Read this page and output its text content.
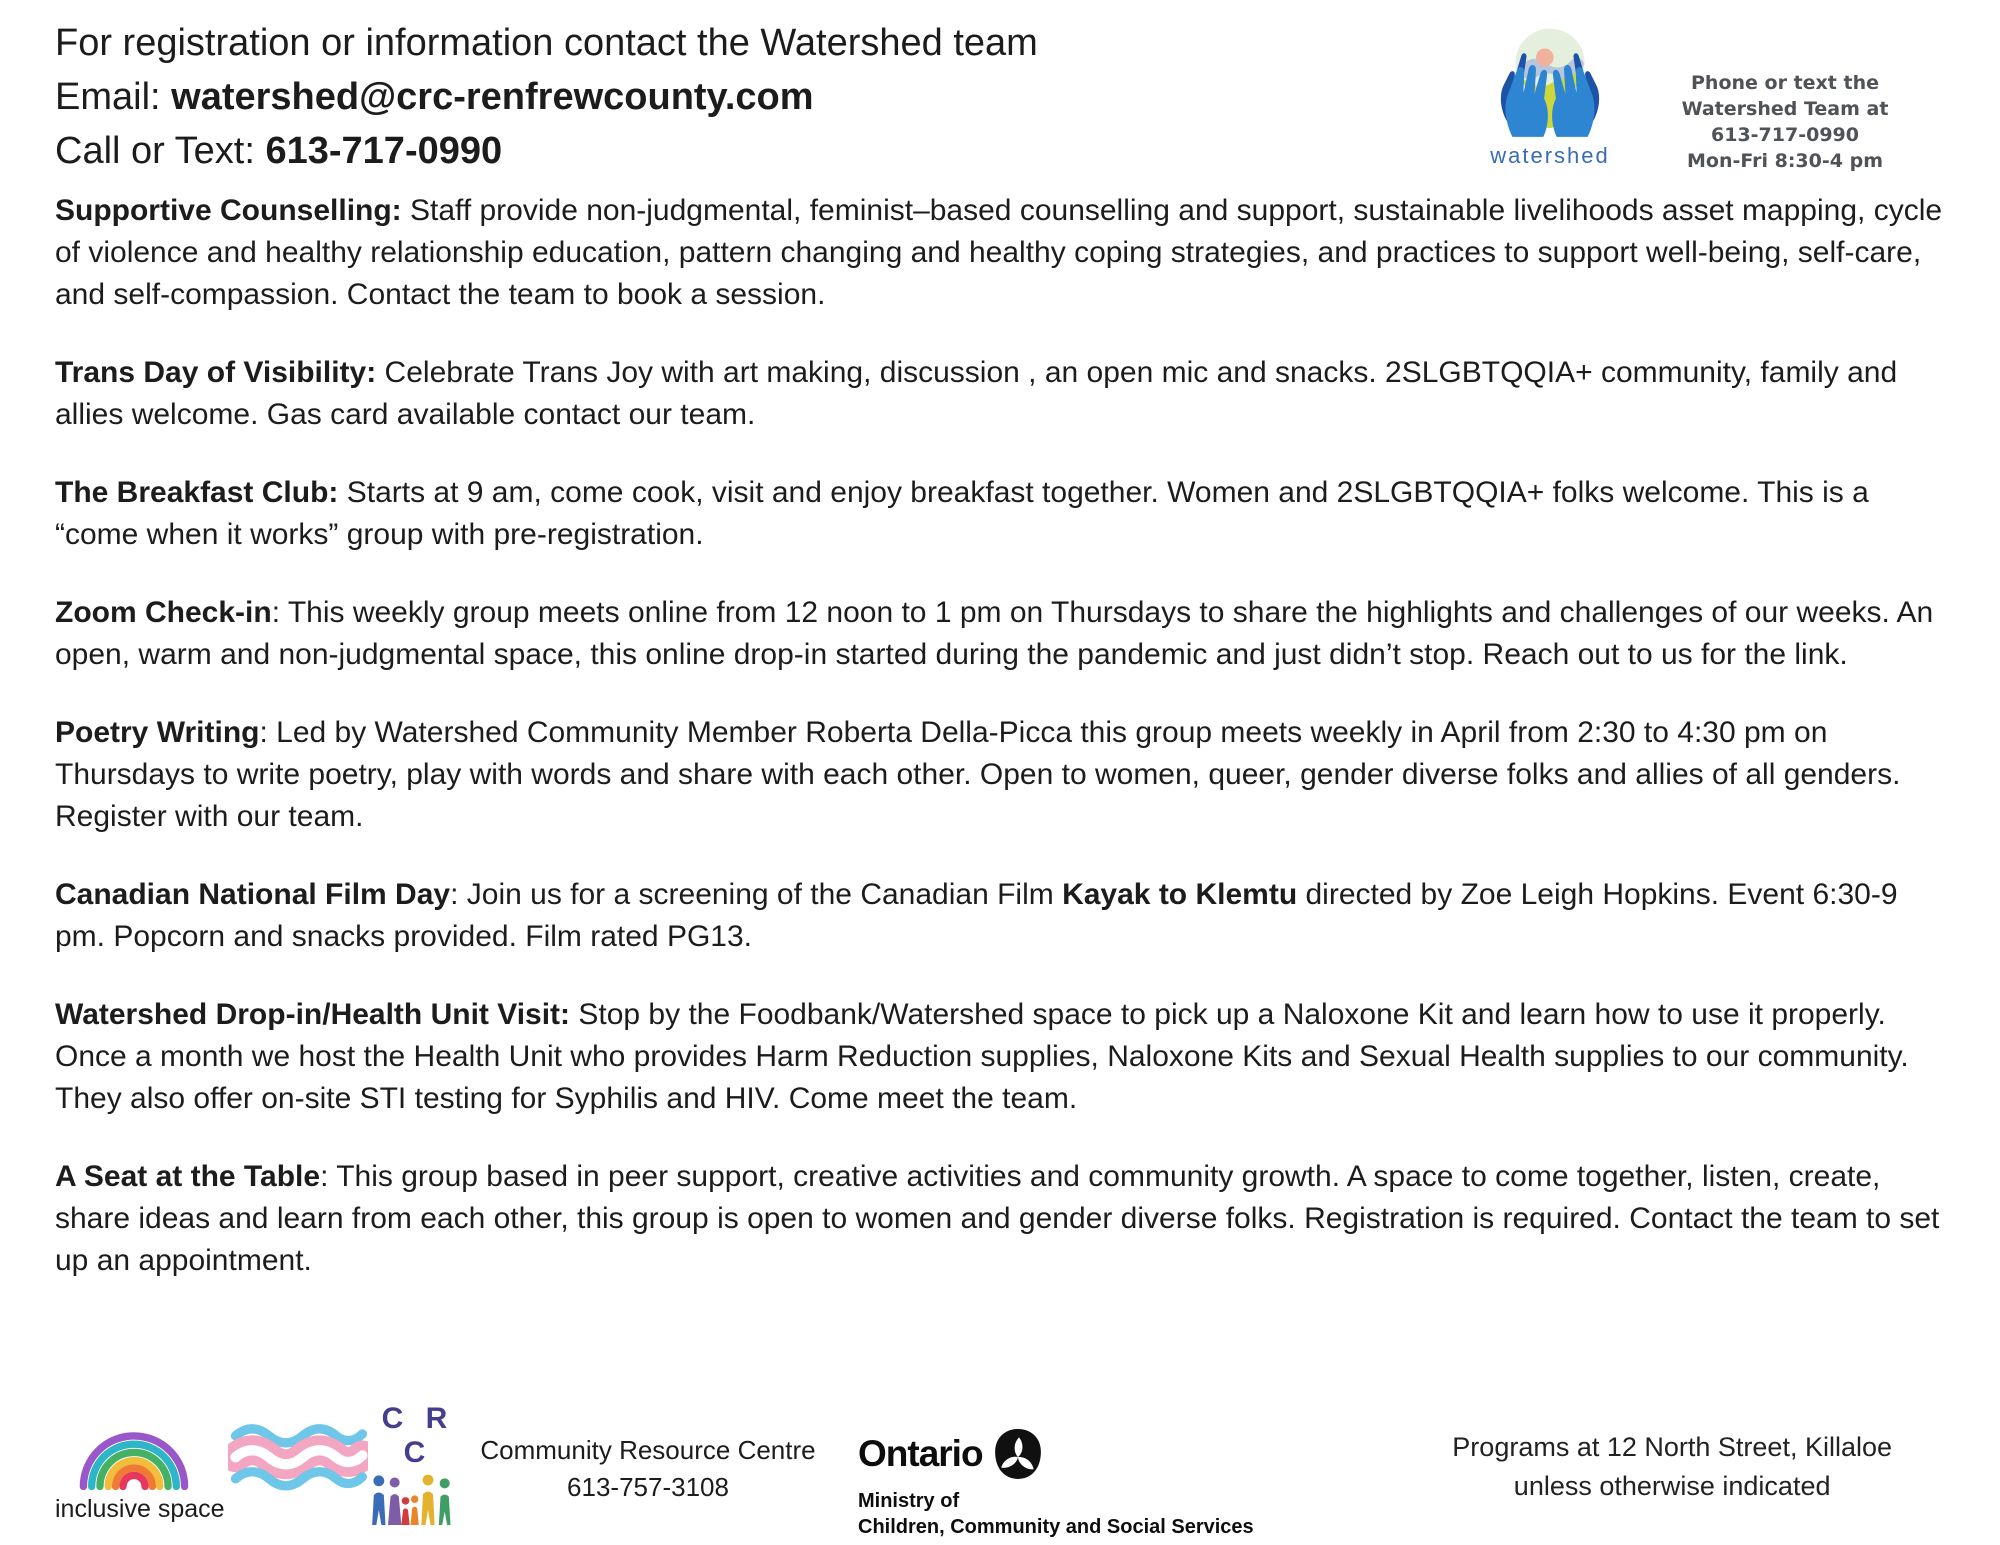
For registration or information contact the Watershed team
Email: watershed@crc-renfrewcounty.com
Call or Text: 613-717-0990	watershed
Phone or text the
Watershed Team at
613-717-0990
Mon-Fri 8:30-4 pm

Supportive Counselling: Staff provide non-judgmental, feminist–based counselling and support, sustainable livelihoods asset mapping, cycle of violence and healthy relationship education, pattern changing and healthy coping strategies, and practices to support well-being, self-care, and self-compassion. Contact the team to book a session.

Trans Day of Visibility: Celebrate Trans Joy with art making, discussion , an open mic and snacks. 2SLGBTQQIA+ community, family and allies welcome. Gas card available contact our team.

The Breakfast Club: Starts at 9 am, come cook, visit and enjoy breakfast together. Women and 2SLGBTQQIA+ folks welcome. This is a “come when it works” group with pre-registration.

Zoom Check-in: This weekly group meets online from 12 noon to 1 pm on Thursdays to share the highlights and challenges of our weeks. An open, warm and non-judgmental space, this online drop-in started during the pandemic and just didn’t stop. Reach out to us for the link.

Poetry Writing: Led by Watershed Community Member Roberta Della-Picca this group meets weekly in April from 2:30 to 4:30 pm on Thursdays to write poetry, play with words and share with each other. Open to women, queer, gender diverse folks and allies of all genders. Register with our team.

Canadian National Film Day: Join us for a screening of the Canadian Film Kayak to Klemtu directed by Zoe Leigh Hopkins. Event 6:30-9 pm. Popcorn and snacks provided. Film rated PG13.

Watershed Drop-in/Health Unit Visit: Stop by the Foodbank/Watershed space to pick up a Naloxone Kit and learn how to use it properly. Once a month we host the Health Unit who provides Harm Reduction supplies, Naloxone Kits and Sexual Health supplies to our community. They also offer on-site STI testing for Syphilis and HIV. Come meet the team.

A Seat at the Table: This group based in peer support, creative activities and community growth. A space to come together, listen, create, share ideas and learn from each other, this group is open to women and gender diverse folks. Registration is required. Contact the team to set up an appointment.

inclusive space
C R C	Community Resource Centre
613-757-3108
Ontario
Ministry of
Children, Community and Social Services
Programs at 12 North Street, Killaloe
unless otherwise indicated
